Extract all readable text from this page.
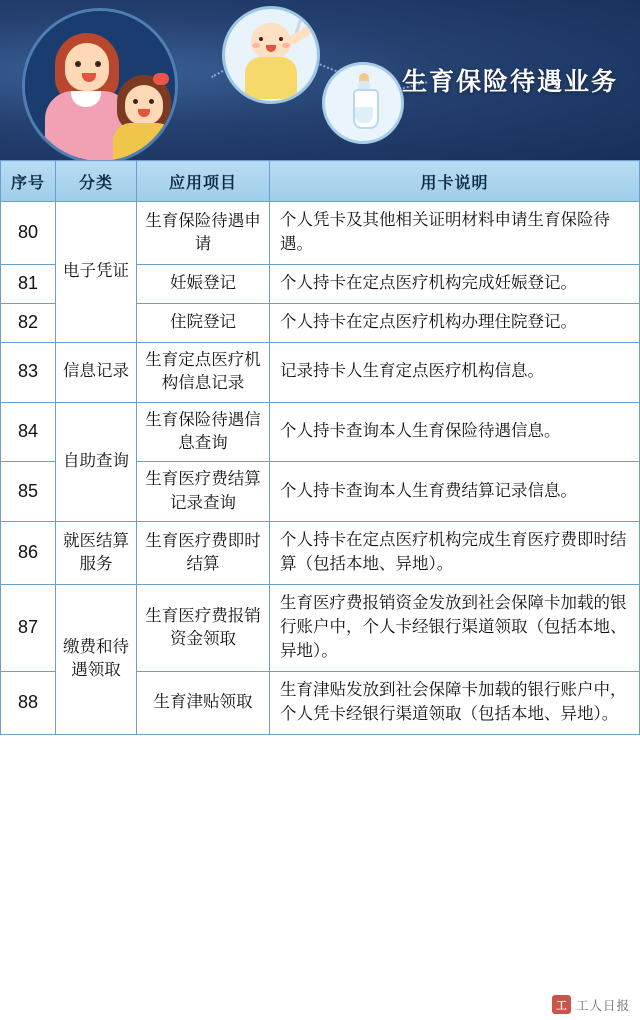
生育保险待遇业务
序号	分类	应用项目	用卡说明
80	电子凭证	生育保险待遇申请	个人凭卡及其他相关证明材料申请生育保险待遇。
81		妊娠登记	个人持卡在定点医疗机构完成妊娠登记。
82		住院登记	个人持卡在定点医疗机构办理住院登记。
83	信息记录	生育定点医疗机构信息记录	记录持卡人生育定点医疗机构信息。
84	自助查询	生育保险待遇信息查询	个人持卡查询本人生育保险待遇信息。
85		生育医疗费结算记录查询	个人持卡查询本人生育费结算记录信息。
86	就医结算服务	生育医疗费即时结算	个人持卡在定点医疗机构完成生育医疗费即时结算（包括本地、异地）。
87	缴费和待遇领取	生育医疗费报销资金领取	生育医疗费报销资金发放到社会保障卡加载的银行账户中，个人卡经银行渠道领取（包括本地、异地）。
88		生育津贴领取	生育津贴发放到社会保障卡加载的银行账户中，个人凭卡经银行渠道领取（包括本地、异地）。
工 工人日报
